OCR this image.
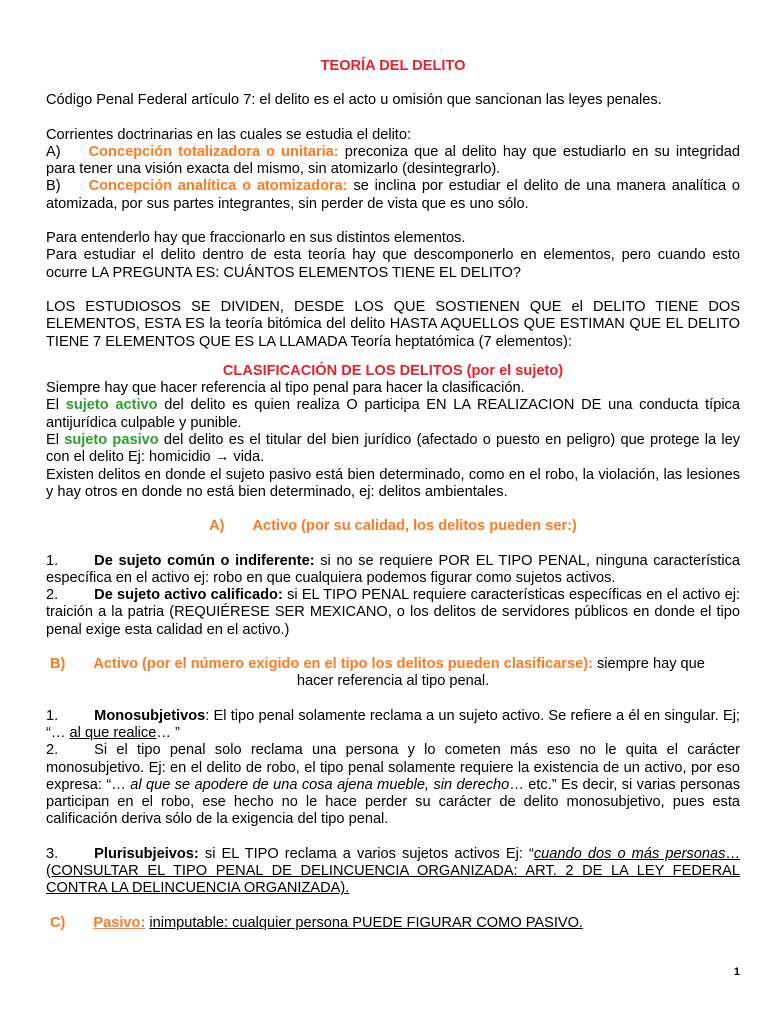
TEORÍA DEL DELITO

Código Penal Federal artículo 7: el delito es el acto u omisión que sancionan las leyes penales.

Corrientes doctrinarias en las cuales se estudia el delito:

A) Concepción totalizadora o unitaria: preconiza que al delito hay que estudiarlo en su integridad para tener una visión exacta del mismo, sin atomizarlo (desintegrarlo).

B) Concepción analítica o atomizadora: se inclina por estudiar el delito de una manera analítica o atomizada, por sus partes integrantes, sin perder de vista que es uno sólo.

Para entenderlo hay que fraccionarlo en sus distintos elementos.

Para estudiar el delito dentro de esta teoría hay que descomponerlo en elementos, pero cuando esto ocurre LA PREGUNTA ES: CUÁNTOS ELEMENTOS TIENE EL DELITO?

LOS ESTUDIOSOS SE DIVIDEN, DESDE LOS QUE SOSTIENEN QUE el DELITO TIENE DOS ELEMENTOS, ESTA ES la teoría bitómica del delito HASTA AQUELLOS QUE ESTIMAN QUE EL DELITO TIENE 7 ELEMENTOS QUE ES LA LLAMADA Teoría heptatómica (7 elementos):

CLASIFICACIÓN DE LOS DELITOS (por el sujeto)

Siempre hay que hacer referencia al tipo penal para hacer la clasificación.

El sujeto activo del delito es quien realiza O participa EN LA REALIZACION DE una conducta típica antijurídica culpable y punible.

El sujeto pasivo del delito es el titular del bien jurídico (afectado o puesto en peligro) que protege la ley con el delito Ej: homicidio → vida.

Existen delitos en donde el sujeto pasivo está bien determinado, como en el robo, la violación, las lesiones y hay otros en donde no está bien determinado, ej: delitos ambientales.

A) Activo (por su calidad, los delitos pueden ser:)

1. De sujeto común o indiferente: si no se requiere POR EL TIPO PENAL, ninguna característica específica en el activo ej: robo en que cualquiera podemos figurar como sujetos activos.

2. De sujeto activo calificado: si EL TIPO PENAL requiere características específicas en el activo ej: traición a la patria (REQUIÉRESE SER MEXICANO, o los delitos de servidores públicos en donde el tipo penal exige esta calidad en el activo.)

B) Activo (por el número exigido en el tipo los delitos pueden clasificarse): siempre hay que

hacer referencia al tipo penal.

1. Monosubjetivos: El tipo penal solamente reclama a un sujeto activo. Se refiere a él en singular. Ej; “… al que realice… ”

2. Si el tipo penal solo reclama una persona y lo cometen más eso no le quita el carácter monosubjetivo. Ej: en el delito de robo, el tipo penal solamente requiere la existencia de un activo, por eso expresa: “… al que se apodere de una cosa ajena mueble, sin derecho… etc.” Es decir, si varias personas participan en el robo, ese hecho no le hace perder su carácter de delito monosubjetivo, pues esta calificación deriva sólo de la exigencia del tipo penal.

3. Plurisubjeivos: si EL TIPO reclama a varios sujetos activos Ej: “cuando dos o más personas…(CONSULTAR EL TIPO PENAL DE DELINCUENCIA ORGANIZADA: ART. 2 DE LA LEY FEDERAL CONTRA LA DELINCUENCIA ORGANIZADA).

C) Pasivo: inimputable: cualquier persona PUEDE FIGURAR COMO PASIVO.

1
